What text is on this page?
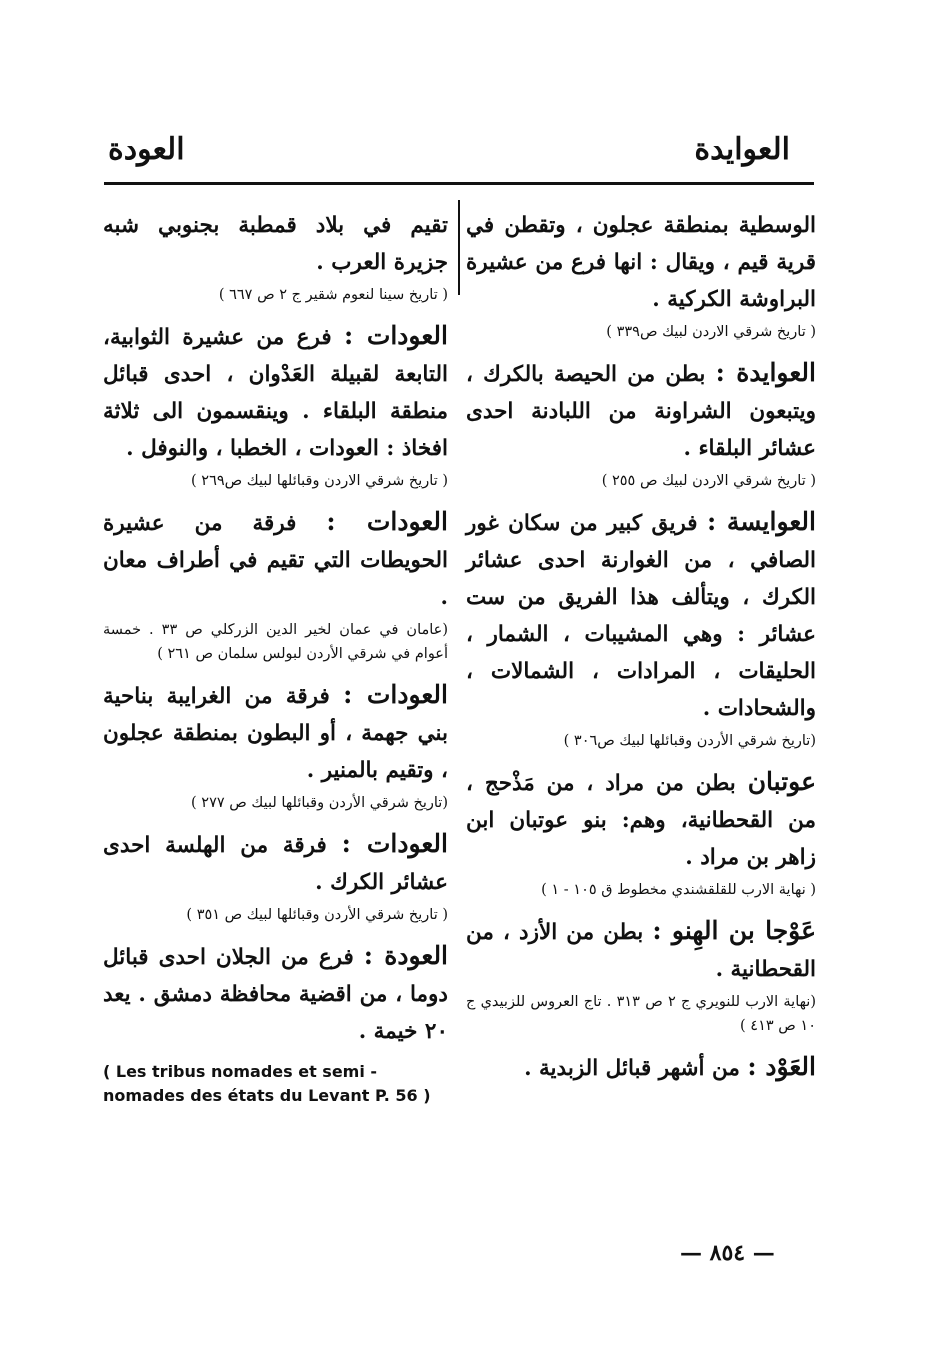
العوايدة
العودة

الوسطية بمنطقة عجلون ، وتقطن في قرية قيم ، ويقال : انها فرع من عشيرة البراوشة الكركية .

( تاريخ شرقي الاردن لبيك ص٣٣٩ )

العوايدة : بطن من الحيصة بالكرك ، ويتبعون الشراونة من اللبادنة احدى عشائر البلقاء .

( تاريخ شرقي الاردن لبيك ص ٢٥٥ )

العوايسة : فريق كبير من سكان غور الصافي ، من الغوارنة احدى عشائر الكرك ، ويتألف هذا الفريق من ست عشائر : وهي المشيبات ، الشمار ، الحليقات ، المرادات ، الشمالات ، والشحادات .

(تاريخ شرقي الأردن وقبائلها لبيك ص٣٠٦ )

عوتبان بطن من مراد ، من مَذْحج ، من القحطانية، وهم: بنو عوتبان ابن زاهر بن مراد .

( نهاية الارب للقلقشندي مخطوط ق ١٠٥ - ١ )

عَوْجا بن الهِنو : بطن من الأزد ، من القحطانية .

(نهاية الارب للنويري ج ٢ ص ٣١٣ . تاج العروس للزبيدي ج ١٠ ص ٤١٣ )

العَوْد : من أشهر قبائل الزبدية .

تقيم في بلاد قمطبة بجنوبي شبه جزيرة العرب .

( تاريخ سينا لنعوم شقير ج ٢ ص ٦٦٧ )

العودات : فرع من عشيرة الثوابية، التابعة لقبيلة العَدْوان ، احدى قبائل منطقة البلقاء . وينقسمون الى ثلاثة افخاذ : العودات ، الخطبا ، والنوفل .

( تاريخ شرقي الاردن وقبائلها لبيك ص٢٦٩ )

العودات : فرقة من عشيرة الحويطات التي تقيم في أطراف معان .

(عامان في عمان لخير الدين الزركلي ص ٣٣ . خمسة أعوام في شرقي الأردن لبولس سلمان ص ٢٦١ )

العودات : فرقة من الغرايبة بناحية بني جهمة ، أو البطون بمنطقة عجلون ، وتقيم بالمنير .

(تاريخ شرقي الأردن وقبائلها لبيك ص ٢٧٧ )

العودات : فرقة من الهلسة احدى عشائر الكرك .

( تاريخ شرقي الأردن وقبائلها لبيك ص ٣٥١ )

العودة : فرع من الجلان احدى قبائل دوما ، من اقضية محافظة دمشق . يعد ٢٠ خيمة .

( Les tribus nomades et semi - nomades des états du Levant P. 56 )
— ٨٥٤ —
